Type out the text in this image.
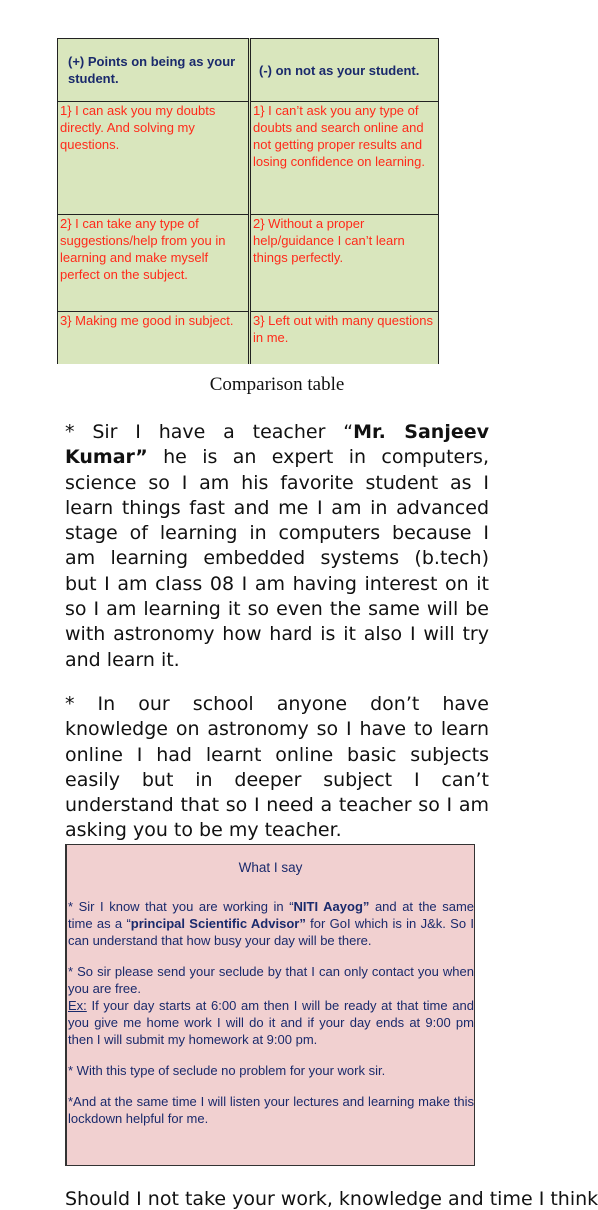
(+) Points on being as your student.	(-) on not as your student.
1} I can ask you my doubts directly. And solving my questions.	1} I can’t ask you any type of doubts and search online and not getting proper results and losing confidence on learning.
2} I can take any type of suggestions/help from you in learning and make myself perfect on the subject.	2} Without a proper help/guidance I can’t learn things perfectly.
3} Making me good in subject.	3} Left out with many questions in me.
Comparison table

* Sir I have a teacher “Mr. Sanjeev Kumar” he is an expert in computers, science so I am his favorite student as I learn things fast and me I am in advanced stage of learning in computers because I am learning embedded systems (b.tech) but I am class 08 I am having interest on it so I am learning it so even the same will be with astronomy how hard is it also I will try and learn it.

* In our school anyone don’t have knowledge on astronomy so I have to learn online I had learnt online basic subjects easily but in deeper subject I can’t understand that so I need a teacher so I am asking you to be my teacher.

What I say

* Sir I know that you are working in “NITI Aayog” and at the same time as a “principal Scientific Advisor” for GoI which is in J&k. So I can understand that how busy your day will be there.

* So sir please send your seclude by that I can only contact you when you are free.
Ex: If your day starts at 6:00 am then I will be ready at that time and you give me home work I will do it and if your day ends at 9:00 pm then I will submit my homework at 9:00 pm.

* With this type of seclude no problem for your work sir.

*And at the same time I will listen your lectures and learning make this lockdown helpful for me.

Should I not take your work, knowledge and time I think
